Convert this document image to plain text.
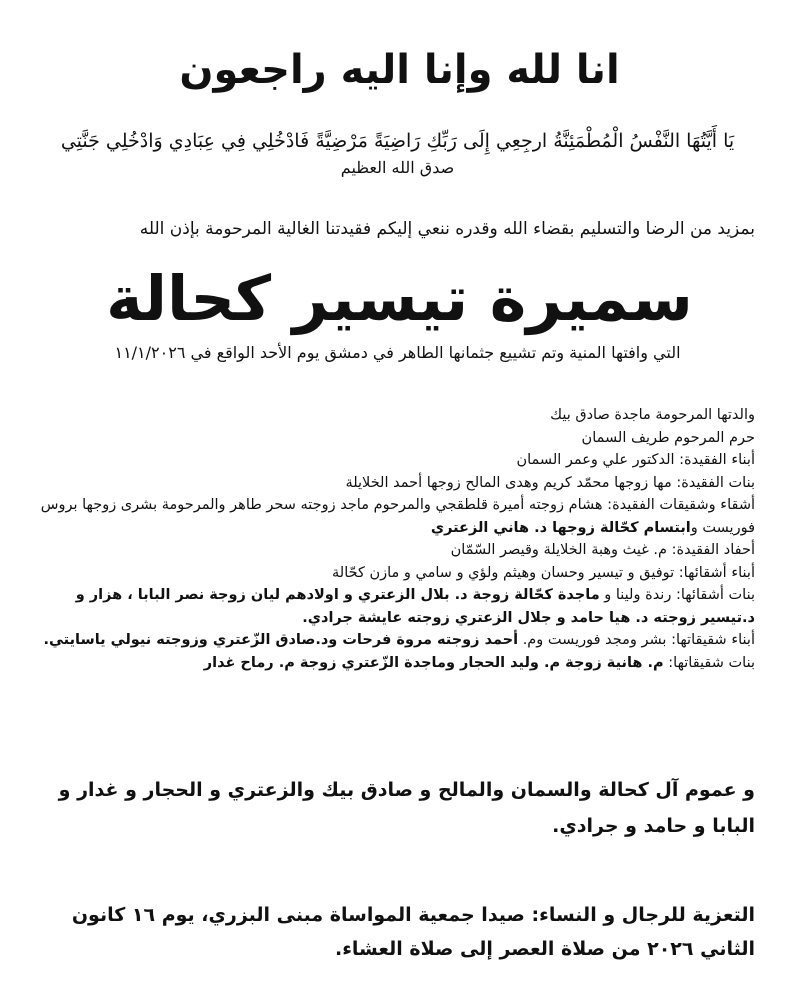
انا لله وإنا اليه راجعون
يَا أَيَّتُهَا النَّفْسُ الْمُطْمَئِنَّةُ ارجِعِي إِلَى رَبِّكِ رَاضِيَةً مَرْضِيَّةً فَادْخُلِي فِي عِبَادِي وَادْخُلِي جَنَّتِي
صدق الله العظيم
بمزيد من الرضا والتسليم بقضاء الله وقدره ننعي إليكم فقيدتنا الغالية المرحومة بإذن الله
سميرة تيسير كحالة
التي وافتها المنية وتم تشييع جثمانها الطاهر في دمشق يوم الأحد الواقع في ١١/١/٢٠٢٦
والدتها المرحومة ماجدة صادق بيك
حرم المرحوم طريف السمان
أبناء الفقيدة: الدكتور علي وعمر السمان
بنات الفقيدة: مها زوجها محمّد كريم وهدى المالح زوجها أحمد الخلايلة
أشقاء وشقيقات الفقيدة: هشام زوجته أميرة قلطقجي والمرحوم ماجد زوجته سحر طاهر والمرحومة بشرى زوجها بروس فوريست وابتسام كحّالة زوجها د. هاني الزعتري
أحفاد الفقيدة: م. غيث وهبة الخلايلة وقيصر السّمّان
أبناء أشقائها: توفيق و تيسير وحسان وهيثم ولؤي و سامي و مازن كحّالة
بنات أشقائها: رندة ولينا و ماجدة كحّالة زوجة د. بلال الزعتري و اولادهم ليان زوجة نصر البابا ، هزار و د.تيسير زوجته د. هيا حامد و جلال الزعتري زوجته عايشة جرادي.
أبناء شقيقاتها: بشر ومجد فوريست وم. أحمد زوجته مروة فرحات ود.صادق الزّعتري وزوجته نيولي ياسايتي.
بنات شقيقاتها: م. هانية زوجة م. وليد الحجار وماجدة الزّعتري زوجة م. رماح غدار
و عموم آل كحالة والسمان والمالح و صادق بيك والزعتري و الحجار و غدار و البابا و حامد و جرادي.
التعزية للرجال و النساء: صيدا جمعية المواساة مبنى البزري، يوم ١٦ كانون الثاني ٢٠٢٦ من صلاة العصر إلى صلاة العشاء.
